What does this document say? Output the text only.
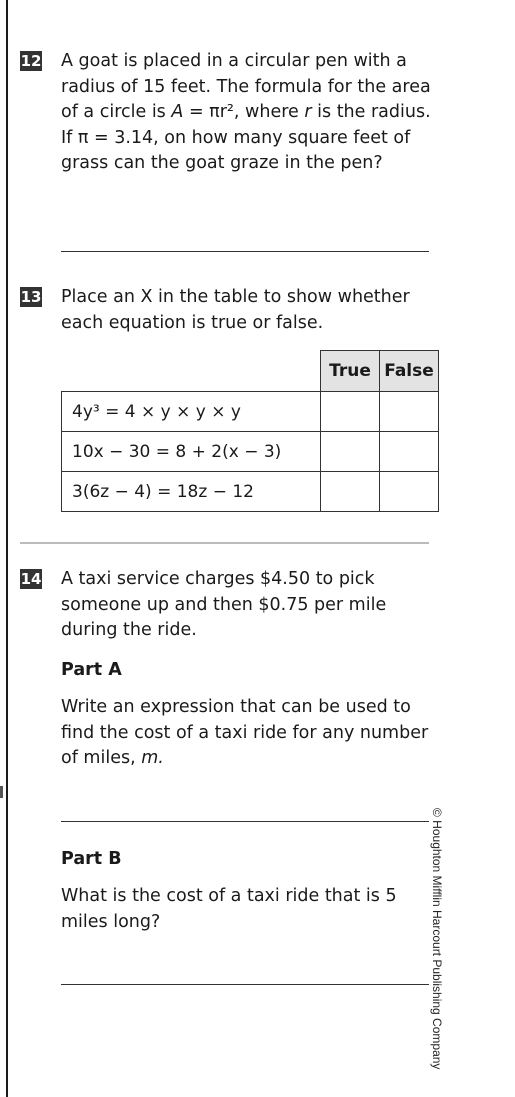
12 A goat is placed in a circular pen with a radius of 15 feet. The formula for the area of a circle is A = πr², where r is the radius. If π = 3.14, on how many square feet of grass can the goat graze in the pen?
13 Place an X in the table to show whether each equation is true or false.
	True	False
4y³ = 4 × y × y × y		
10x − 30 = 8 + 2(x − 3)		
3(6z − 4) = 18z − 12		
14 A taxi service charges $4.50 to pick someone up and then $0.75 per mile during the ride.
Part A
Write an expression that can be used to find the cost of a taxi ride for any number of miles, m.
Part B
What is the cost of a taxi ride that is 5 miles long?	© Houghton Mifflin Harcourt Publishing Company
